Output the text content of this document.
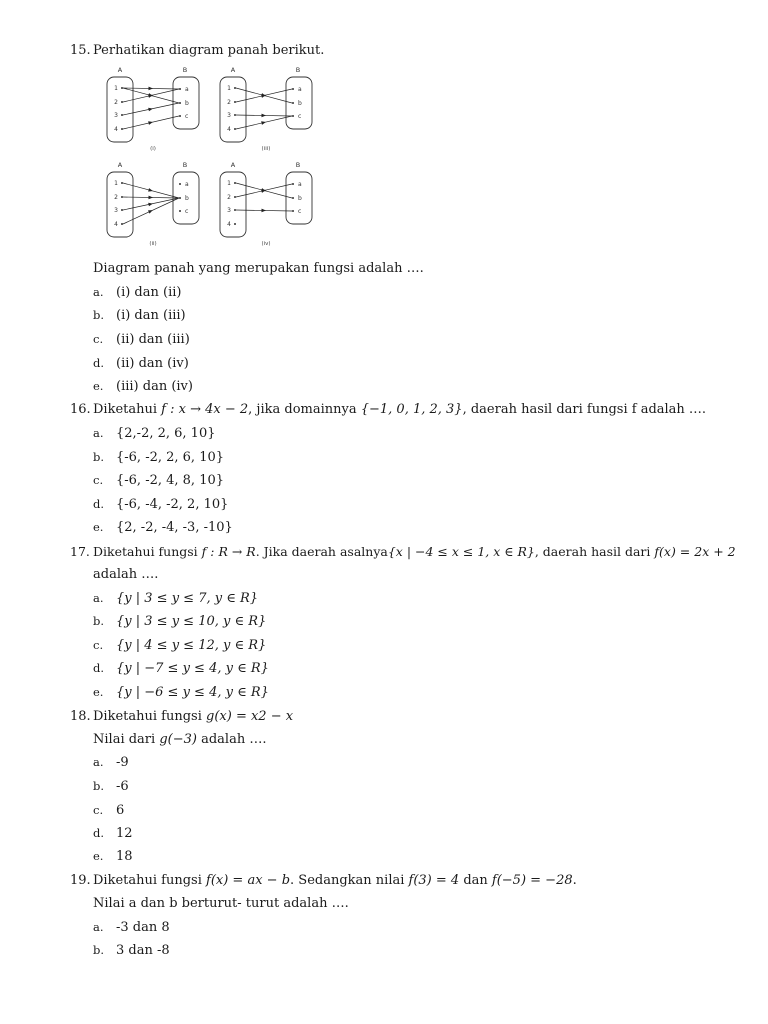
15. Perhatikan diagram panah berikut.
A	B
1
2
3
4
a
b
c
(i)
A	B
1
2
3
4
a
b
c
(iii)
A	B
1
2
3
4
a
b
c
(ii)
A	B
1
2
3
4
a
b
c
(iv)
Diagram panah yang merupakan fungsi adalah ….
a. (i) dan (ii)
b. (i) dan (iii)
c. (ii) dan (iii)
d. (ii) dan (iv)
e. (iii) dan (iv)
16. Diketahui f : x → 4x − 2, jika domainnya {−1, 0, 1, 2, 3}, daerah hasil dari fungsi f adalah ….
a. {2,-2, 2, 6, 10}
b. {-6, -2, 2, 6, 10}
c. {-6, -2, 4, 8, 10}
d. {-6, -4, -2, 2, 10}
e. {2, -2, -4, -3, -10}
17. Diketahui fungsi f : R → R. Jika daerah asalnya{x | −4 ≤ x ≤ 1, x ∈ R}, daerah hasil dari f(x) = 2x + 2
adalah ….
a. {y | 3 ≤ y ≤ 7, y ∈ R}
b. {y | 3 ≤ y ≤ 10, y ∈ R}
c. {y | 4 ≤ y ≤ 12, y ∈ R}
d. {y | −7 ≤ y ≤ 4, y ∈ R}
e. {y | −6 ≤ y ≤ 4, y ∈ R}
18. Diketahui fungsi g(x) = x2 − x
Nilai dari g(−3) adalah ….
a. -9
b. -6
c. 6
d. 12
e. 18
19. Diketahui fungsi f(x) = ax − b. Sedangkan nilai f(3) = 4 dan f(−5) = −28.
Nilai a dan b berturut- turut adalah ….
a. -3 dan 8
b. 3 dan -8
